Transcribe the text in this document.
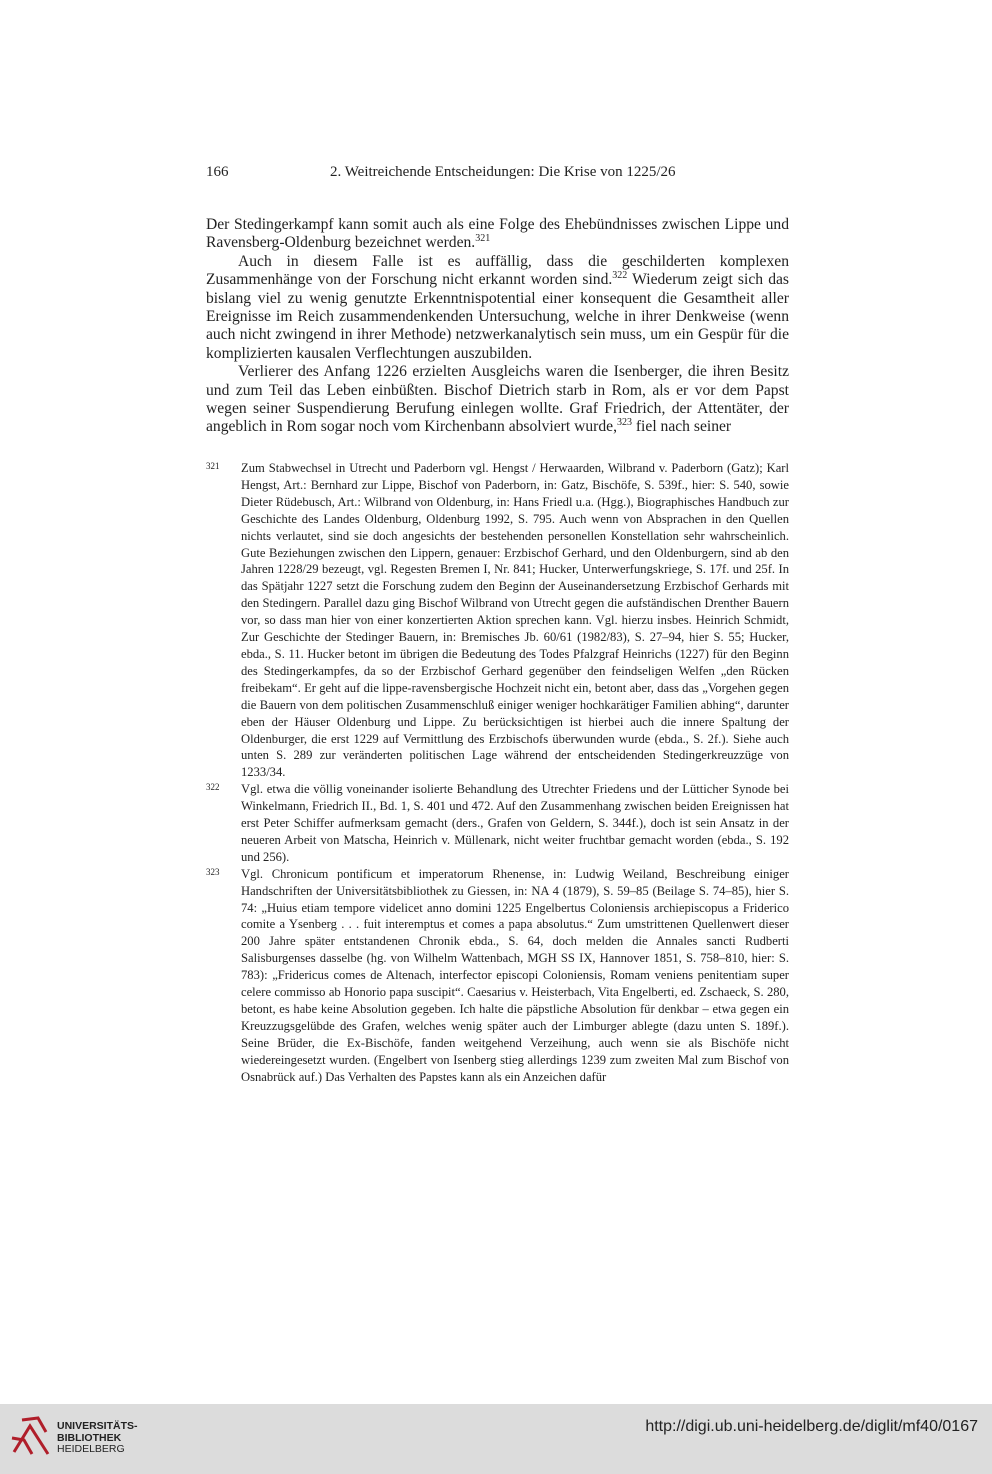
166	2. Weitreichende Entscheidungen: Die Krise von 1225/26

Der Stedingerkampf kann somit auch als eine Folge des Ehebündnisses zwischen Lippe und Ravensberg-Oldenburg bezeichnet werden.$^{321}$

Auch in diesem Falle ist es auffällig, dass die geschilderten komplexen Zusammenhänge von der Forschung nicht erkannt worden sind.$^{322}$ Wiederum zeigt sich das bislang viel zu wenig genutzte Erkenntnispotential einer konsequent die Gesamtheit aller Ereignisse im Reich zusammendenkenden Untersuchung, welche in ihrer Denkweise (wenn auch nicht zwingend in ihrer Methode) netzwerkanalytisch sein muss, um ein Gespür für die komplizierten kausalen Verflechtungen auszubilden.

Verlierer des Anfang 1226 erzielten Ausgleichs waren die Isenberger, die ihren Besitz und zum Teil das Leben einbüßten. Bischof Dietrich starb in Rom, als er vor dem Papst wegen seiner Suspendierung Berufung einlegen wollte. Graf Friedrich, der Attentäter, der angeblich in Rom sogar noch vom Kirchenbann absolviert wurde,$^{323}$ fiel nach seiner

321 Zum Stabwechsel in Utrecht und Paderborn vgl. Hengst / Herwaarden, Wilbrand v. Paderborn (Gatz); Karl Hengst, Art.: Bernhard zur Lippe, Bischof von Paderborn, in: Gatz, Bischöfe, S. 539f., hier: S. 540, sowie Dieter Rüdebusch, Art.: Wilbrand von Oldenburg, in: Hans Friedl u.a. (Hgg.), Biographisches Handbuch zur Geschichte des Landes Oldenburg, Oldenburg 1992, S. 795. Auch wenn von Absprachen in den Quellen nichts verlautet, sind sie doch angesichts der bestehenden personellen Konstellation sehr wahrscheinlich. Gute Beziehungen zwischen den Lippern, genauer: Erzbischof Gerhard, und den Oldenburgern, sind ab den Jahren 1228/29 bezeugt, vgl. Regesten Bremen I, Nr. 841; Hucker, Unterwerfungskriege, S. 17f. und 25f. In das Spätjahr 1227 setzt die Forschung zudem den Beginn der Auseinandersetzung Erzbischof Gerhards mit den Stedingern. Parallel dazu ging Bischof Wilbrand von Utrecht gegen die aufständischen Drenther Bauern vor, so dass man hier von einer konzertierten Aktion sprechen kann. Vgl. hierzu insbes. Heinrich Schmidt, Zur Geschichte der Stedinger Bauern, in: Bremisches Jb. 60/61 (1982/83), S. 27–94, hier S. 55; Hucker, ebda., S. 11. Hucker betont im übrigen die Bedeutung des Todes Pfalzgraf Heinrichs (1227) für den Beginn des Stedingerkampfes, da so der Erzbischof Gerhard gegenüber den feindseligen Welfen „den Rücken freibekam“. Er geht auf die lippe-ravensbergische Hochzeit nicht ein, betont aber, dass das „Vorgehen gegen die Bauern von dem politischen Zusammenschluß einiger weniger hochkarätiger Familien abhing“, darunter eben der Häuser Oldenburg und Lippe. Zu berücksichtigen ist hierbei auch die innere Spaltung der Oldenburger, die erst 1229 auf Vermittlung des Erzbischofs überwunden wurde (ebda., S. 2f.). Siehe auch unten S. 289 zur veränderten politischen Lage während der entscheidenden Stedingerkreuzzüge von 1233/34.
322 Vgl. etwa die völlig voneinander isolierte Behandlung des Utrechter Friedens und der Lütticher Synode bei Winkelmann, Friedrich II., Bd. 1, S. 401 und 472. Auf den Zusammenhang zwischen beiden Ereignissen hat erst Peter Schiffer aufmerksam gemacht (ders., Grafen von Geldern, S. 344f.), doch ist sein Ansatz in der neueren Arbeit von Matscha, Heinrich v. Müllenark, nicht weiter fruchtbar gemacht worden (ebda., S. 192 und 256).
323 Vgl. Chronicum pontificum et imperatorum Rhenense, in: Ludwig Weiland, Beschreibung einiger Handschriften der Universitätsbibliothek zu Giessen, in: NA 4 (1879), S. 59–85 (Beilage S. 74–85), hier S. 74: „Huius etiam tempore videlicet anno domini 1225 Engelbertus Coloniensis archiepiscopus a Friderico comite a Ysenberg . . . fuit interemptus et comes a papa absolutus.“ Zum umstrittenen Quellenwert dieser 200 Jahre später entstandenen Chronik ebda., S. 64, doch melden die Annales sancti Rudberti Salisburgenses dasselbe (hg. von Wilhelm Wattenbach, MGH SS IX, Hannover 1851, S. 758–810, hier: S. 783): „Fridericus comes de Altenach, interfector episcopi Coloniensis, Romam veniens penitentiam super celere commisso ab Honorio papa suscipit“. Caesarius v. Heisterbach, Vita Engelberti, ed. Zschaeck, S. 280, betont, es habe keine Absolution gegeben. Ich halte die päpstliche Absolution für denkbar – etwa gegen ein Kreuzzugsgelübde des Grafen, welches wenig später auch der Limburger ablegte (dazu unten S. 189f.). Seine Brüder, die Ex-Bischöfe, fanden weitgehend Verzeihung, auch wenn sie als Bischöfe nicht wiedereingesetzt wurden. (Engelbert von Isenberg stieg allerdings 1239 zum zweiten Mal zum Bischof von Osnabrück auf.) Das Verhalten des Papstes kann als ein Anzeichen dafür
UNIVERSITÄTS-
BIBLIOTHEK
HEIDELBERG
http://digi.ub.uni-heidelberg.de/diglit/mf40/0167
